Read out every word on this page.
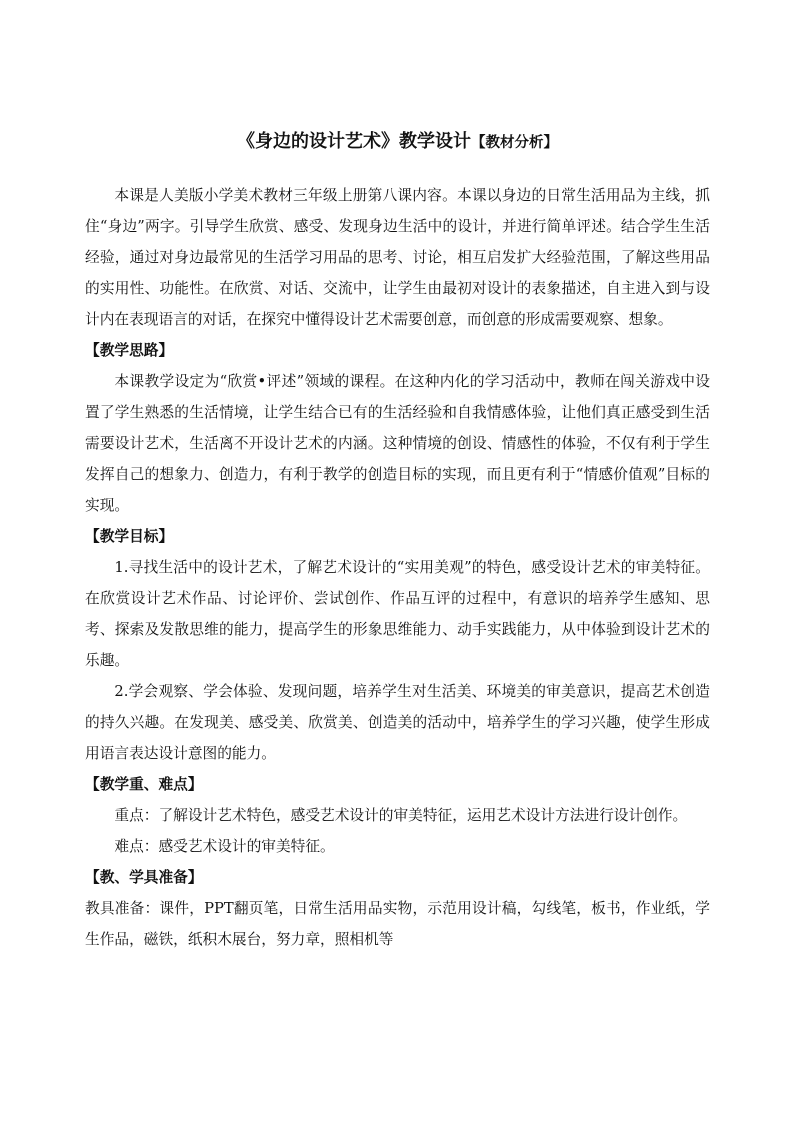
《身边的设计艺术》教学设计【教材分析】

本课是人美版小学美术教材三年级上册第八课内容。本课以身边的日常生活用品为主线，抓住“身边”两字。引导学生欣赏、感受、发现身边生活中的设计，并进行简单评述。结合学生生活经验，通过对身边最常见的生活学习用品的思考、讨论，相互启发扩大经验范围，了解这些用品的实用性、功能性。在欣赏、对话、交流中，让学生由最初对设计的表象描述，自主进入到与设计内在表现语言的对话，在探究中懂得设计艺术需要创意，而创意的形成需要观察、想象。

【教学思路】

本课教学设定为“欣赏•评述”领域的课程。在这种内化的学习活动中，教师在闯关游戏中设置了学生熟悉的生活情境，让学生结合已有的生活经验和自我情感体验，让他们真正感受到生活需要设计艺术，生活离不开设计艺术的内涵。这种情境的创设、情感性的体验，不仅有利于学生发挥自己的想象力、创造力，有利于教学的创造目标的实现，而且更有利于“情感价值观”目标的实现。

【教学目标】

1.寻找生活中的设计艺术，了解艺术设计的“实用美观”的特色，感受设计艺术的审美特征。在欣赏设计艺术作品、讨论评价、尝试创作、作品互评的过程中，有意识的培养学生感知、思考、探索及发散思维的能力，提高学生的形象思维能力、动手实践能力，从中体验到设计艺术的乐趣。

2.学会观察、学会体验、发现问题，培养学生对生活美、环境美的审美意识，提高艺术创造的持久兴趣。在发现美、感受美、欣赏美、创造美的活动中，培养学生的学习兴趣，使学生形成用语言表达设计意图的能力。

【教学重、难点】

重点：了解设计艺术特色，感受艺术设计的审美特征，运用艺术设计方法进行设计创作。

难点：感受艺术设计的审美特征。

【教、学具准备】

教具准备：课件，PPT翻页笔，日常生活用品实物，示范用设计稿，勾线笔，板书，作业纸，学生作品，磁铁，纸积木展台，努力章，照相机等
